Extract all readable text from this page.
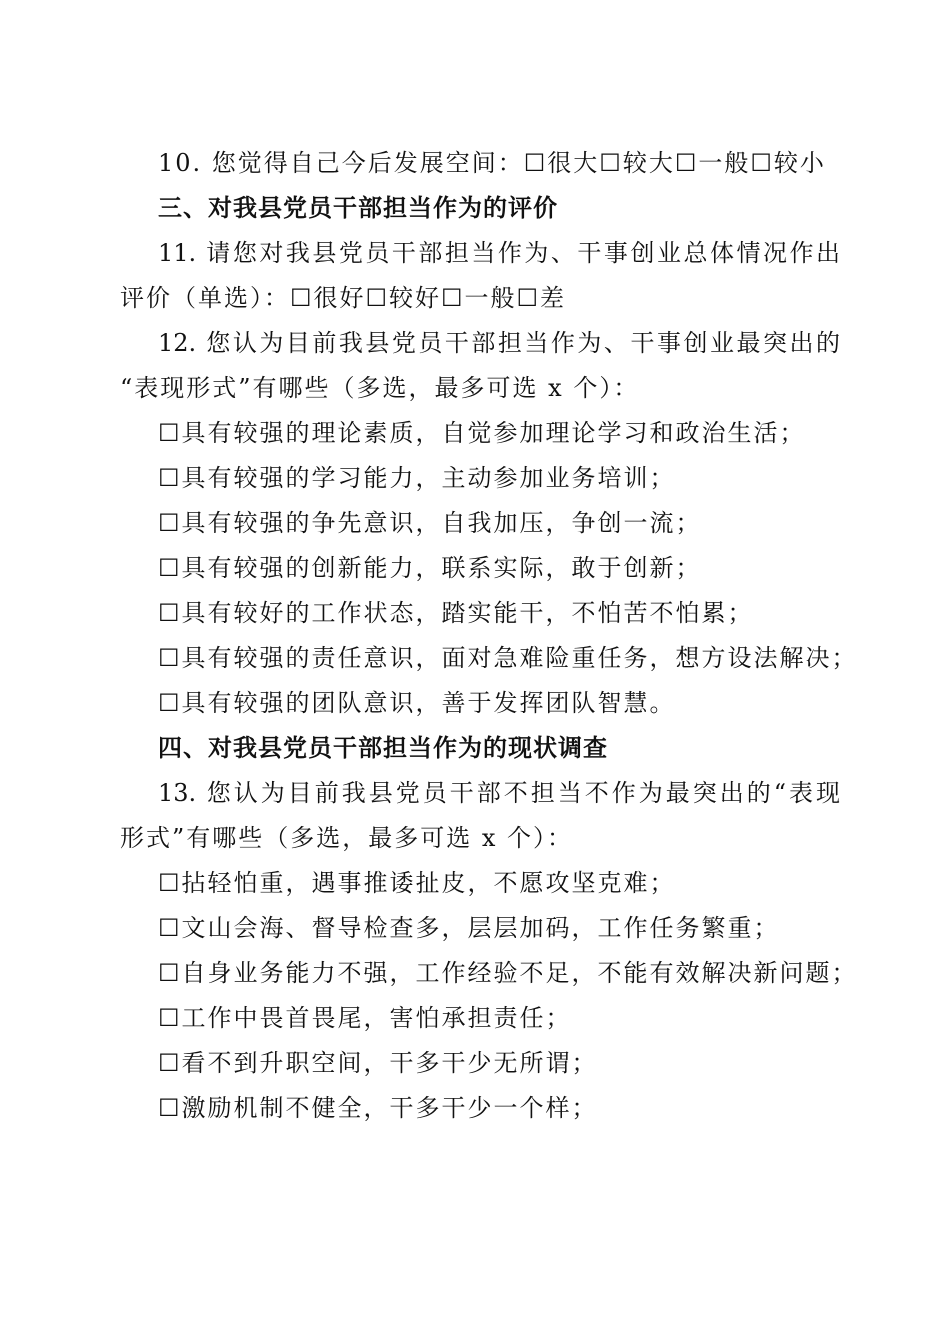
10. 您觉得自己今后发展空间：☐很大☐较大☐一般☐较小
三、对我县党员干部担当作为的评价
11. 请您对我县党员干部担当作为、干事创业总体情况作出
评价（单选）：☐很好☐较好☐一般☐差
12. 您认为目前我县党员干部担当作为、干事创业最突出的
“表现形式”有哪些（多选，最多可选 x 个）：
☐具有较强的理论素质，自觉参加理论学习和政治生活；
☐具有较强的学习能力，主动参加业务培训；
☐具有较强的争先意识，自我加压，争创一流；
☐具有较强的创新能力，联系实际，敢于创新；
☐具有较好的工作状态，踏实能干，不怕苦不怕累；
☐具有较强的责任意识，面对急难险重任务，想方设法解决；
☐具有较强的团队意识，善于发挥团队智慧。
四、对我县党员干部担当作为的现状调查
13. 您认为目前我县党员干部不担当不作为最突出的“表现
形式”有哪些（多选，最多可选 x 个）：
☐拈轻怕重，遇事推诿扯皮，不愿攻坚克难；
☐文山会海、督导检查多，层层加码，工作任务繁重；
☐自身业务能力不强，工作经验不足，不能有效解决新问题；
☐工作中畏首畏尾，害怕承担责任；
☐看不到升职空间，干多干少无所谓；
☐激励机制不健全，干多干少一个样；
